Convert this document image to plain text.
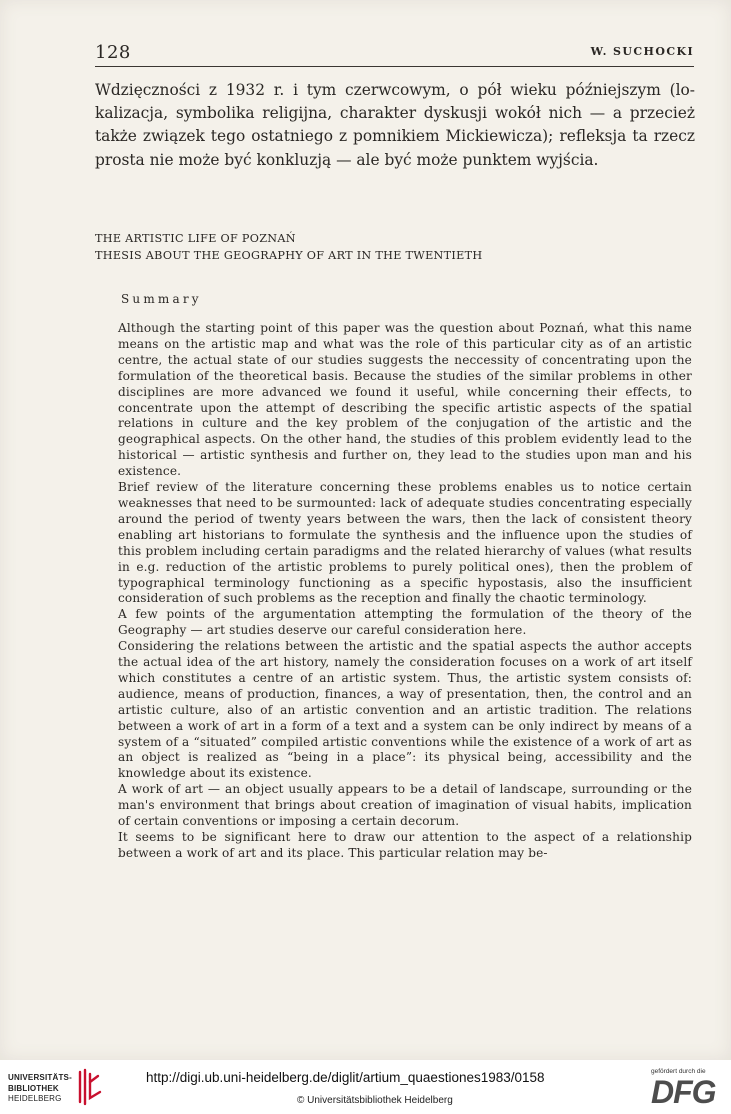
128	W. SUCHOCKI
Wdzięczności z 1932 r. i tym czerwcowym, o pół wieku późniejszym (lokalizacja, symbolika religijna, charakter dyskusji wokół nich — a przecież także związek tego ostatniego z pomnikiem Mickiewicza); refleksja ta rzecz prosta nie może być konkluzją — ale być może punktem wyjścia.
THE ARTISTIC LIFE OF POZNAŃ
THESIS ABOUT THE GEOGRAPHY OF ART IN THE TWENTIETH
Summary

Although the starting point of this paper was the question about Poznań, what this name means on the artistic map and what was the role of this particular city as of an artistic centre, the actual state of our studies suggests the neccessity of concentrating upon the formulation of the theoretical basis. Because the studies of the similar problems in other disciplines are more advanced we found it useful, while concerning their effects, to concentrate upon the attempt of describing the specific artistic aspects of the spatial relations in culture and the key problem of the conjugation of the artistic and the geographical aspects. On the other hand, the studies of this problem evidently lead to the historical — artistic synthesis and further on, they lead to the studies upon man and his existence.

Brief review of the literature concerning these problems enables us to notice certain weaknesses that need to be surmounted: lack of adequate studies concentrating especially around the period of twenty years between the wars, then the lack of consistent theory enabling art historians to formulate the synthesis and the influence upon the studies of this problem including certain paradigms and the related hierarchy of values (what results in e.g. reduction of the artistic problems to purely political ones), then the problem of typographical terminology functioning as a specific hypostasis, also the insufficient consideration of such problems as the reception and finally the chaotic terminology.

A few points of the argumentation attempting the formulation of the theory of the Geography — art studies deserve our careful consideration here.

Considering the relations between the artistic and the spatial aspects the author accepts the actual idea of the art history, namely the consideration focuses on a work of art itself which constitutes a centre of an artistic system. Thus, the artistic system consists of: audience, means of production, finances, a way of presentation, then, the control and an artistic culture, also of an artistic convention and an artistic tradition. The relations between a work of art in a form of a text and a system can be only indirect by means of a system of a “situated” compiled artistic conventions while the existence of a work of art as an object is realized as “being in a place”: its physical being, accessibility and the knowledge about its existence.

A work of art — an object usually appears to be a detail of landscape, surrounding or the man's environment that brings about creation of imagination of visual habits, implication of certain conventions or imposing a certain decorum.

It seems to be significant here to draw our attention to the aspect of a relationship between a work of art and its place. This particular relation may be-

UNIVERSITÄTS-
BIBLIOTHEK
HEIDELBERG
http://digi.ub.uni-heidelberg.de/diglit/artium_quaestiones1983/0158
© Universitätsbibliothek Heidelberg
gefördert durch die
DFG
